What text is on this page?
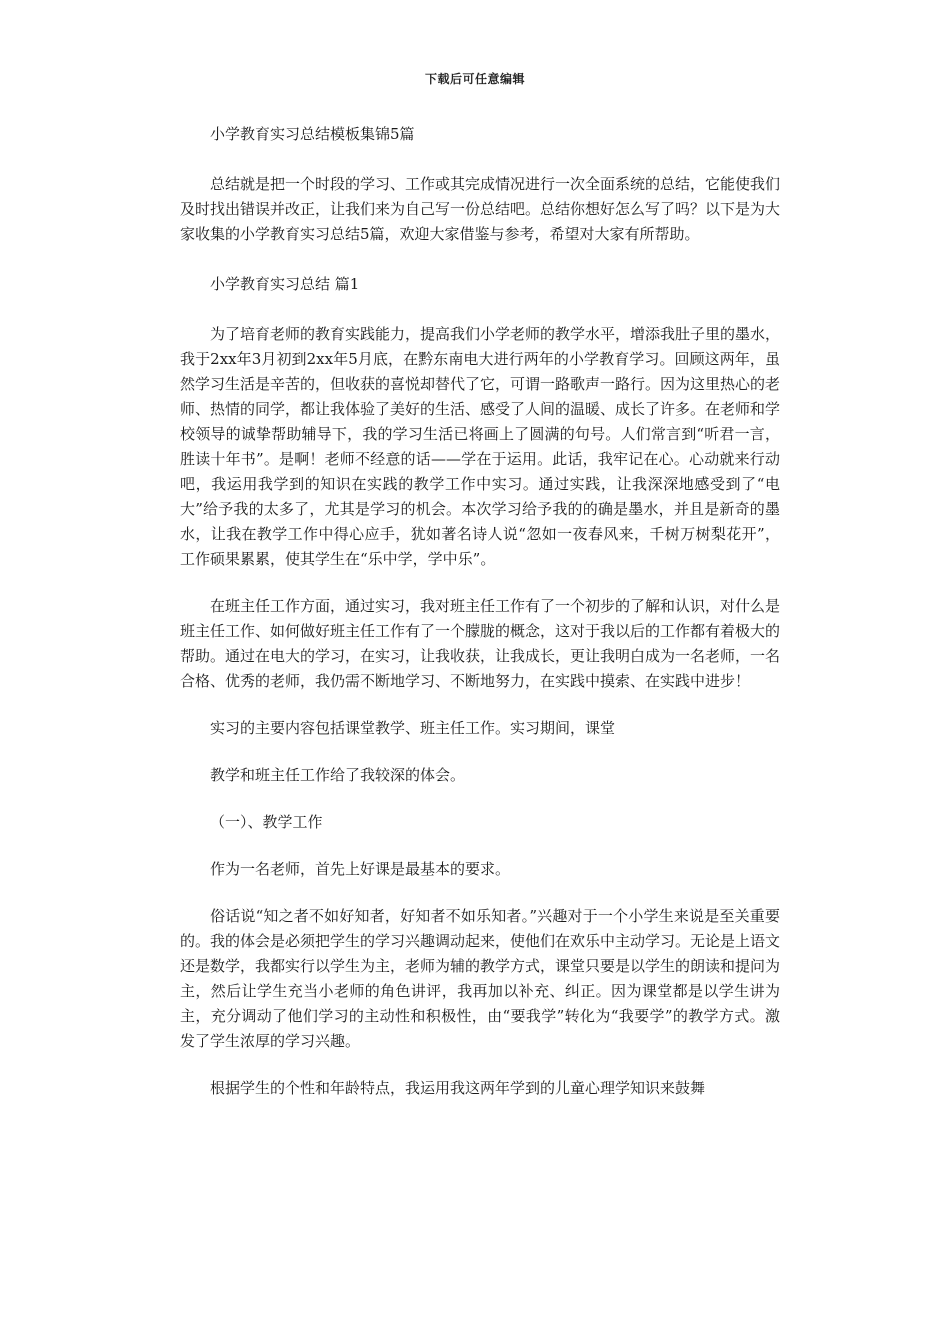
下载后可任意编辑

小学教育实习总结模板集锦5篇

总结就是把一个时段的学习、工作或其完成情况进行一次全面系统的总结，它能使我们及时找出错误并改正，让我们来为自己写一份总结吧。总结你想好怎么写了吗？以下是为大家收集的小学教育实习总结5篇，欢迎大家借鉴与参考，希望对大家有所帮助。

小学教育实习总结 篇1

为了培育老师的教育实践能力，提高我们小学老师的教学水平，增添我肚子里的墨水，我于2xx年3月初到2xx年5月底，在黔东南电大进行两年的小学教育学习。回顾这两年，虽然学习生活是辛苦的，但收获的喜悦却替代了它，可谓一路歌声一路行。因为这里热心的老师、热情的同学，都让我体验了美好的生活、感受了人间的温暖、成长了许多。在老师和学校领导的诚挚帮助辅导下，我的学习生活已将画上了圆满的句号。人们常言到“听君一言，胜读十年书”。是啊！老师不经意的话——学在于运用。此话，我牢记在心。心动就来行动吧，我运用我学到的知识在实践的教学工作中实习。通过实践，让我深深地感受到了“电大”给予我的太多了，尤其是学习的机会。本次学习给予我的的确是墨水，并且是新奇的墨水，让我在教学工作中得心应手，犹如著名诗人说“忽如一夜春风来，千树万树梨花开”，工作硕果累累，使其学生在“乐中学，学中乐”。

在班主任工作方面，通过实习，我对班主任工作有了一个初步的了解和认识，对什么是班主任工作、如何做好班主任工作有了一个朦胧的概念，这对于我以后的工作都有着极大的帮助。通过在电大的学习，在实习，让我收获，让我成长，更让我明白成为一名老师，一名合格、优秀的老师，我仍需不断地学习、不断地努力，在实践中摸索、在实践中进步！

实习的主要内容包括课堂教学、班主任工作。实习期间，课堂

教学和班主任工作给了我较深的体会。

（一）、教学工作

作为一名老师，首先上好课是最基本的要求。

俗话说“知之者不如好知者，好知者不如乐知者。”兴趣对于一个小学生来说是至关重要的。我的体会是必须把学生的学习兴趣调动起来，使他们在欢乐中主动学习。无论是上语文还是数学，我都实行以学生为主，老师为辅的教学方式，课堂只要是以学生的朗读和提问为主，然后让学生充当小老师的角色讲评，我再加以补充、纠正。因为课堂都是以学生讲为主，充分调动了他们学习的主动性和积极性，由“要我学”转化为“我要学”的教学方式。激发了学生浓厚的学习兴趣。

根据学生的个性和年龄特点，我运用我这两年学到的儿童心理学知识来鼓舞
